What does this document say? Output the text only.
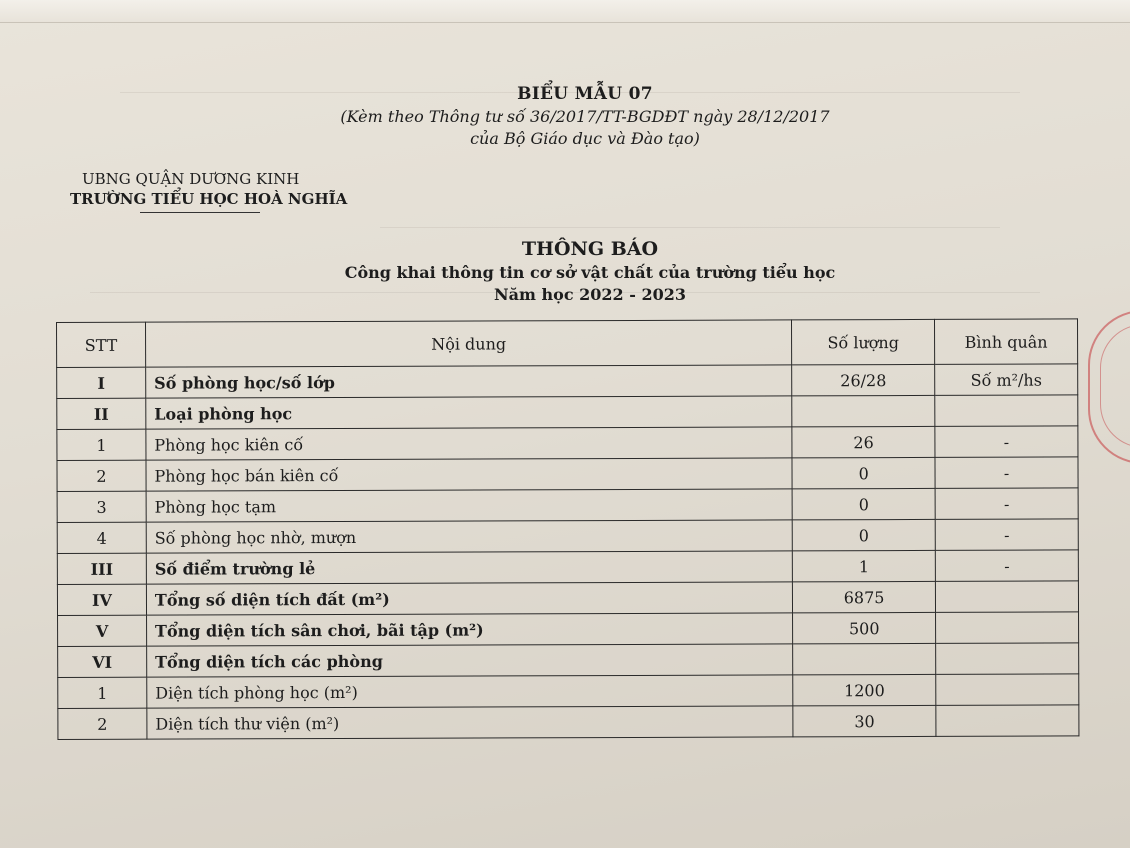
BIỂU MẪU 07
(Kèm theo Thông tư số 36/2017/TT-BGDĐT ngày 28/12/2017
của Bộ Giáo dục và Đào tạo)
UBNG QUẬN DƯƠNG KINH
TRƯỜNG TIỂU HỌC HOÀ NGHĨA
THÔNG BÁO
Công khai thông tin cơ sở vật chất của trường tiểu học
Năm học 2022 - 2023
STT	Nội dung	Số lượng	Bình quân
I	Số phòng học/số lớp	26/28	Số m²/hs
II	Loại phòng học		
1	Phòng học kiên cố	26	-
2	Phòng học bán kiên cố	0	-
3	Phòng học tạm	0	-
4	Số phòng học nhờ, mượn	0	-
III	Số điểm trường lẻ	1	-
IV	Tổng số diện tích đất (m²)	6875	
V	Tổng diện tích sân chơi, bãi tập (m²)	500	
VI	Tổng diện tích các phòng		
1	Diện tích phòng học (m²)	1200	
2	Diện tích thư viện (m²)	30	
